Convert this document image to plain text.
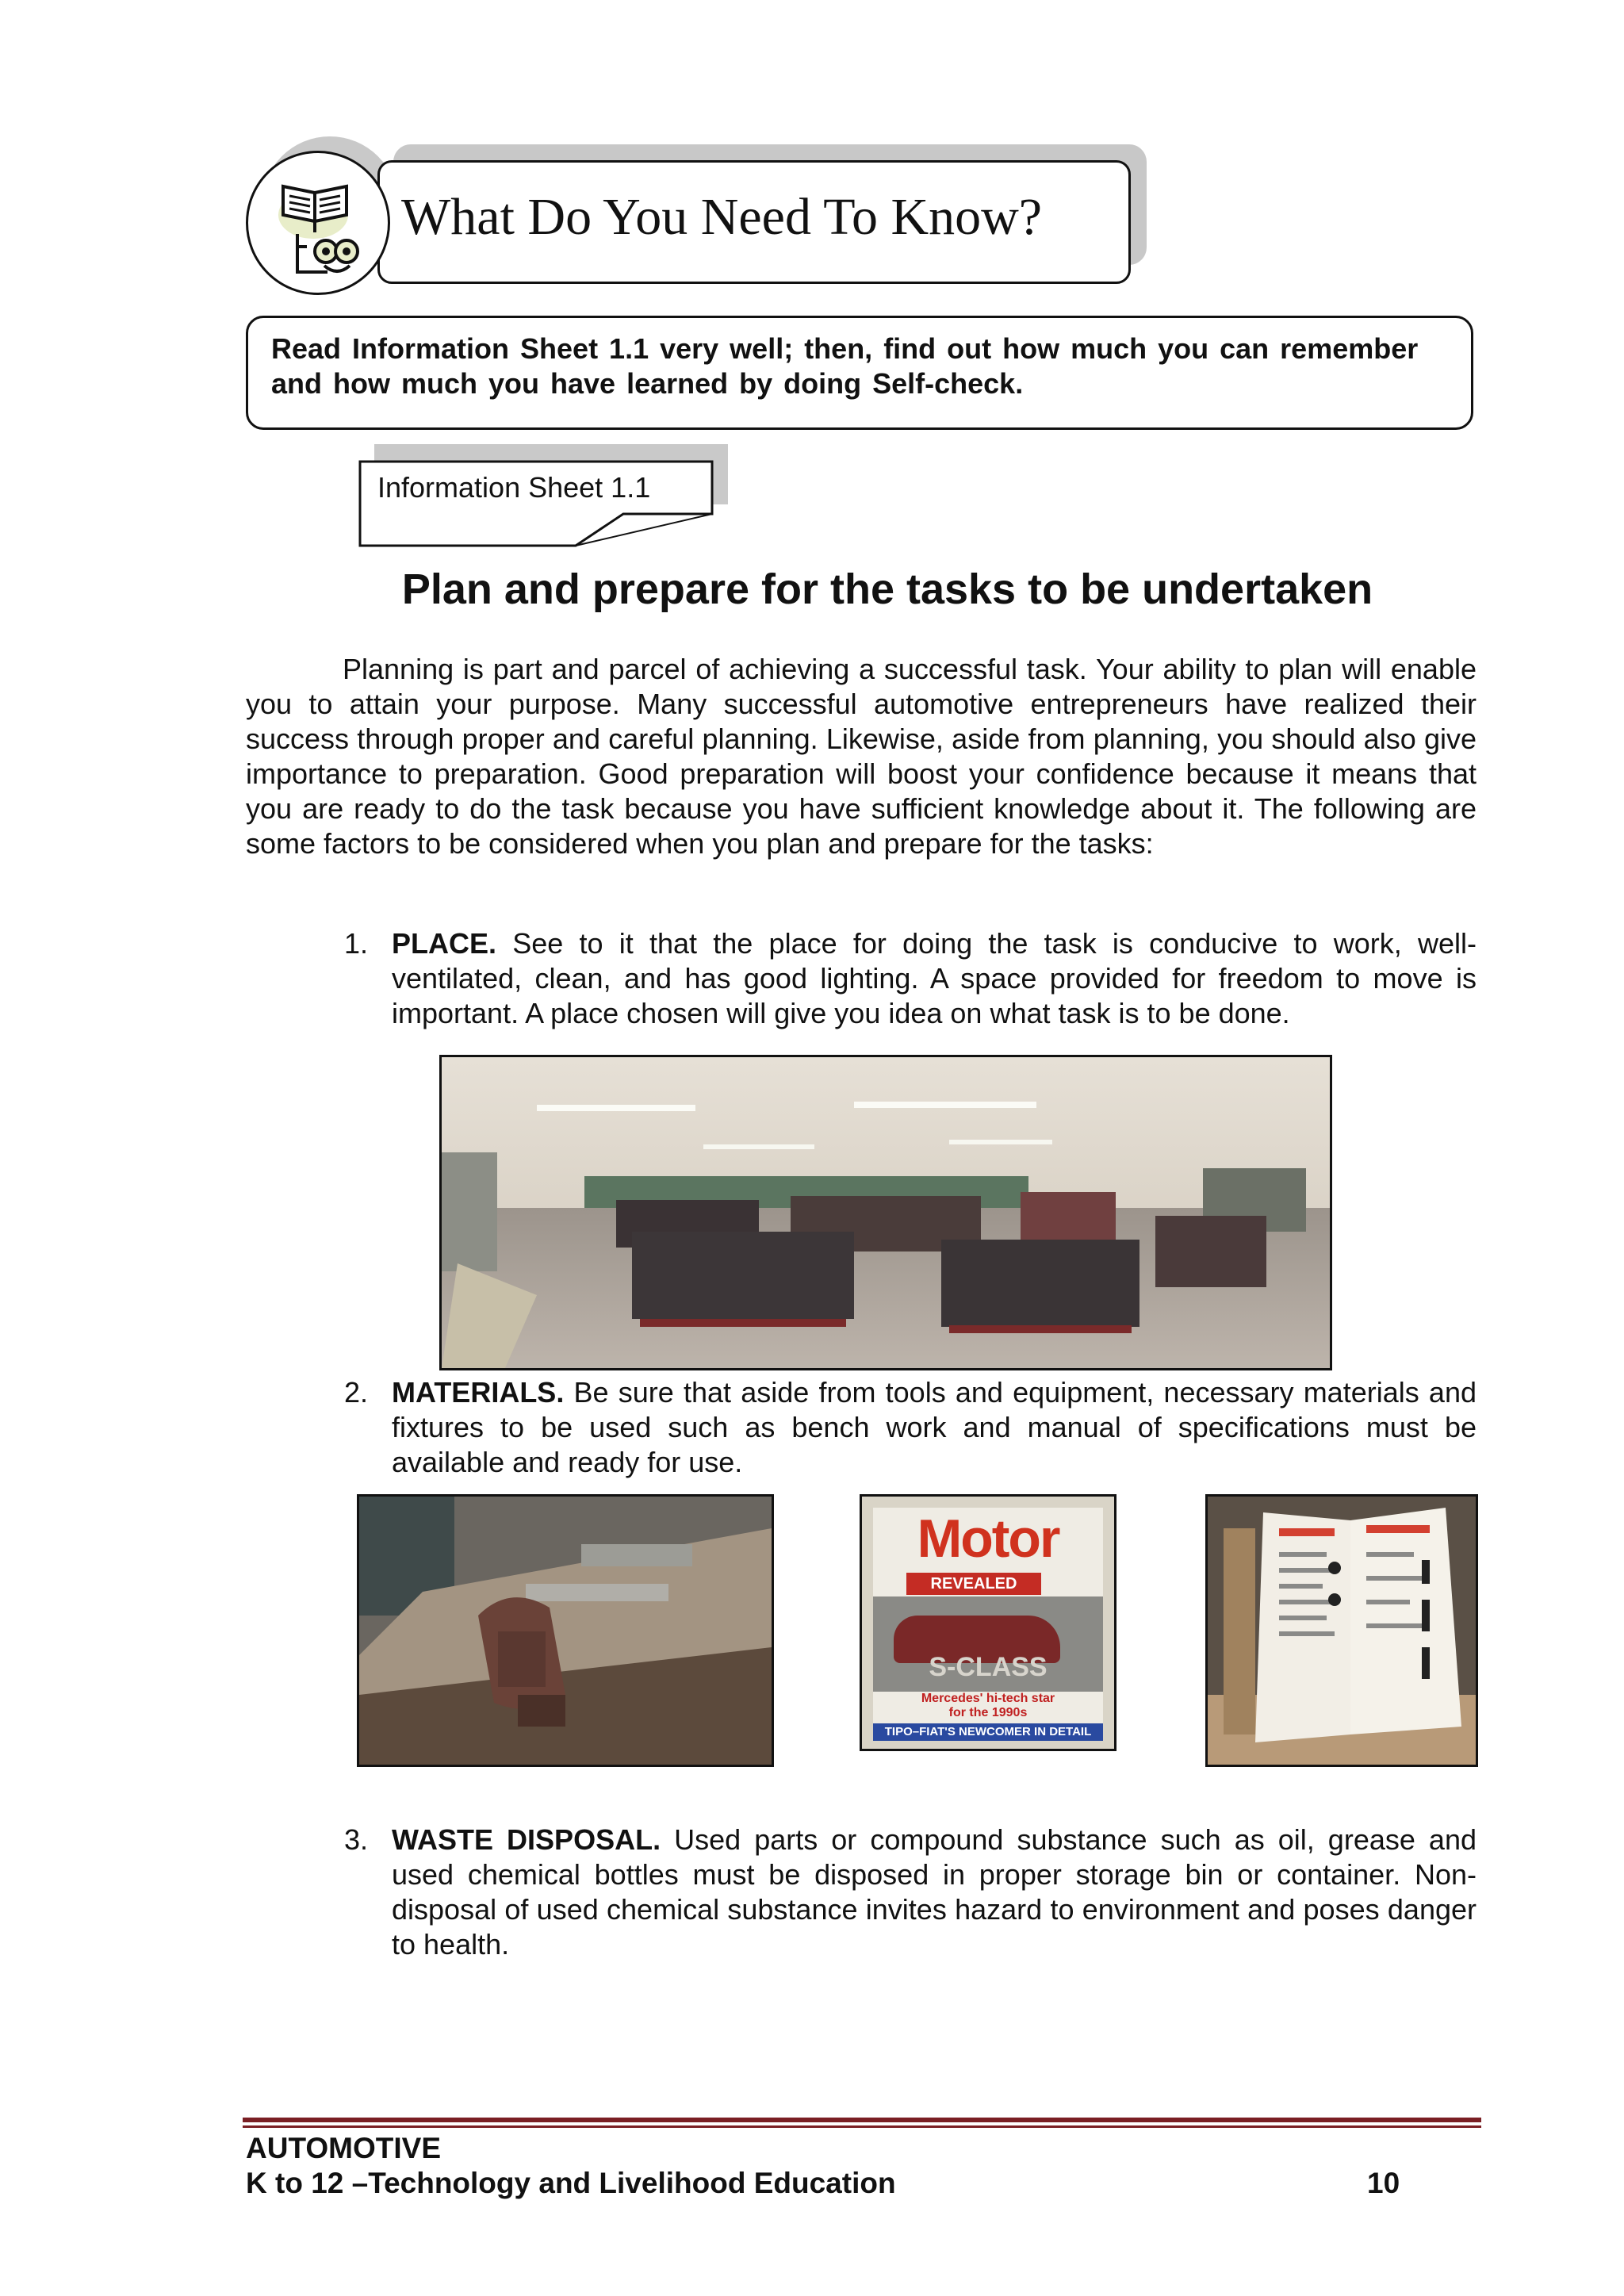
What Do You Need To Know?
Read Information Sheet 1.1 very well; then, find out how much you can remember and how much you have learned by doing Self-check.
Information Sheet 1.1
Plan and prepare for the tasks to be undertaken
Planning is part and parcel of achieving a successful task. Your ability to plan will enable you to attain your purpose. Many successful automotive entrepreneurs have realized their success through proper and careful planning. Likewise, aside from planning, you should also give importance to preparation. Good preparation will boost your confidence because it means that you are ready to do the task because you have sufficient knowledge about it. The following are some factors to be considered when you plan and prepare for the tasks:
1. PLACE. See to it that the place for doing the task is conducive to work, well-ventilated, clean, and has good lighting. A space provided for freedom to move is important. A place chosen will give you idea on what task is to be done.
2. MATERIALS. Be sure that aside from tools and equipment, necessary materials and fixtures to be used such as bench work and manual of specifications must be available and ready for use.
Motor
REVEALED
S-CLASS
Mercedes' hi-tech star
for the 1990s
TIPO–FIAT'S NEWCOMER IN DETAIL
3. WASTE DISPOSAL. Used parts or compound substance such as oil, grease and used chemical bottles must be disposed in proper storage bin or container. Non-disposal of used chemical substance invites hazard to environment and poses danger to health.
AUTOMOTIVE
K to 12 –Technology and Livelihood Education	10
